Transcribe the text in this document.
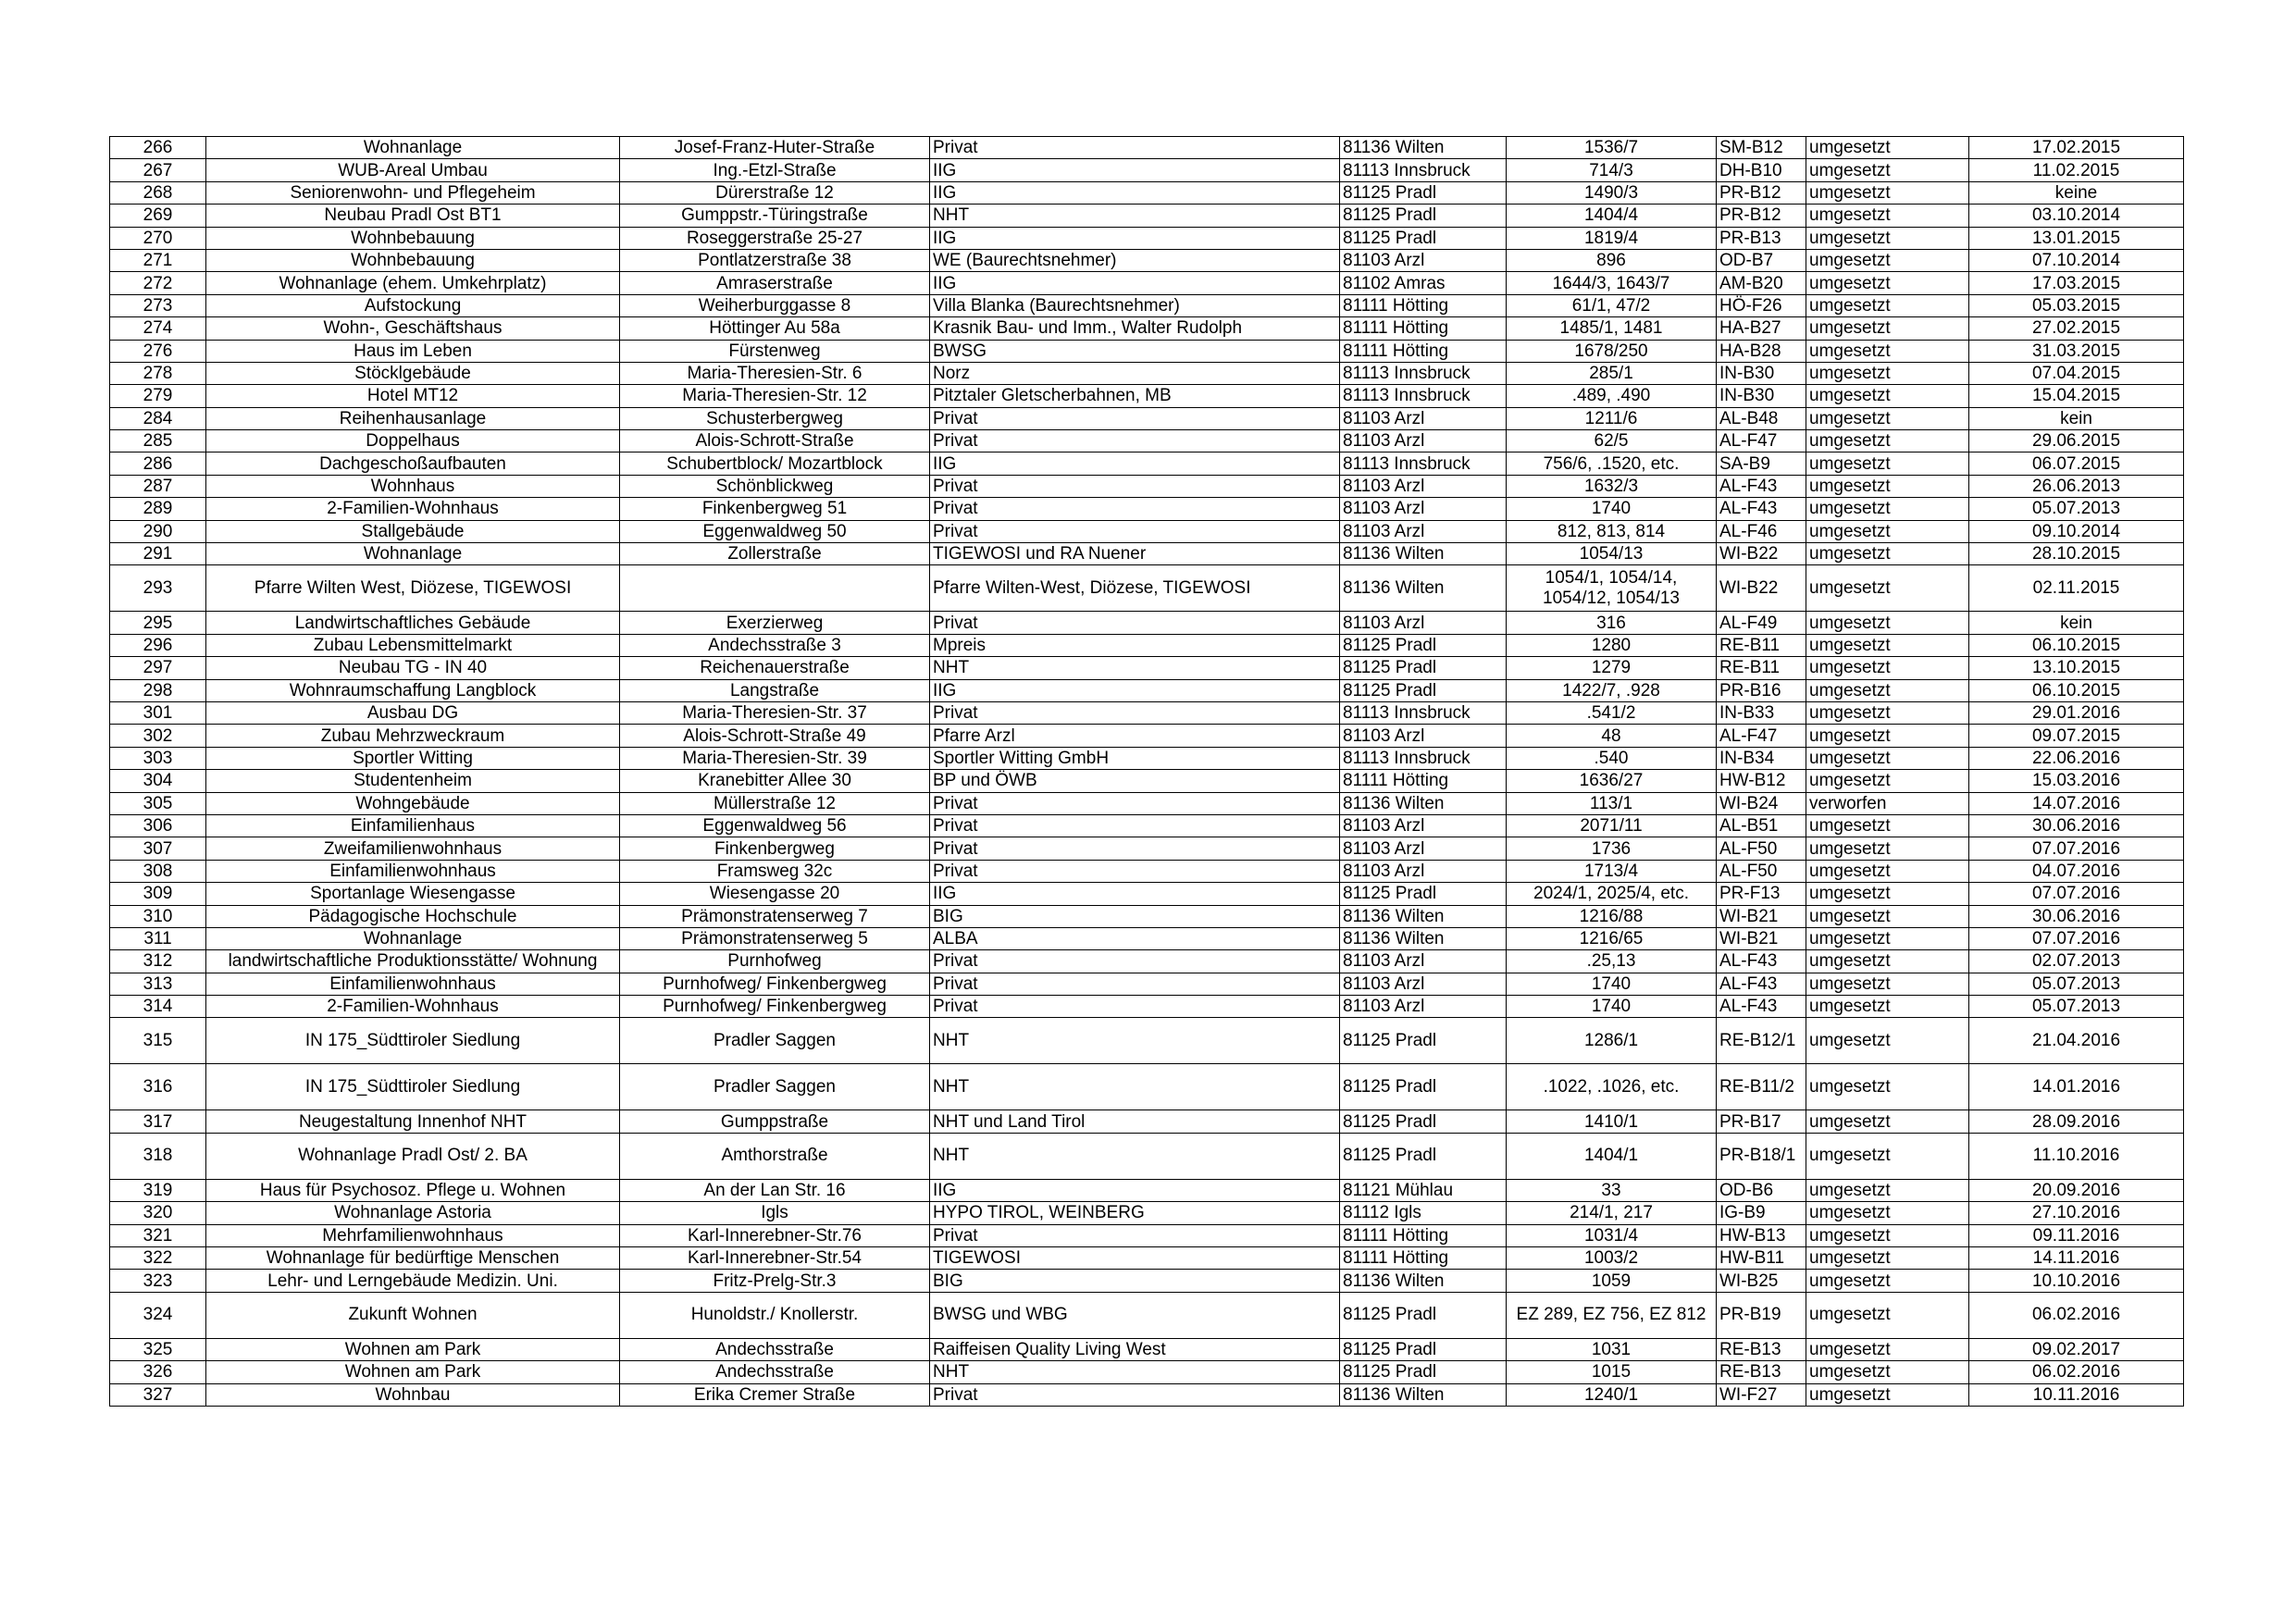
266	Wohnanlage	Josef-Franz-Huter-Straße	Privat	81136 Wilten	1536/7	SM-B12	umgesetzt	17.02.2015
267	WUB-Areal Umbau	Ing.-Etzl-Straße	IIG	81113 Innsbruck	714/3	DH-B10	umgesetzt	11.02.2015
268	Seniorenwohn- und Pflegeheim	Dürerstraße 12	IIG	81125 Pradl	1490/3	PR-B12	umgesetzt	keine
269	Neubau Pradl Ost BT1	Gumppstr.-Türingstraße	NHT	81125 Pradl	1404/4	PR-B12	umgesetzt	03.10.2014
270	Wohnbebauung	Roseggerstraße 25-27	IIG	81125 Pradl	1819/4	PR-B13	umgesetzt	13.01.2015
271	Wohnbebauung	Pontlatzerstraße 38	WE (Baurechtsnehmer)	81103 Arzl	896	OD-B7	umgesetzt	07.10.2014
272	Wohnanlage (ehem. Umkehrplatz)	Amraserstraße	IIG	81102 Amras	1644/3, 1643/7	AM-B20	umgesetzt	17.03.2015
273	Aufstockung	Weiherburggasse 8	Villa Blanka (Baurechtsnehmer)	81111 Hötting	61/1, 47/2	HÖ-F26	umgesetzt	05.03.2015
274	Wohn-, Geschäftshaus	Höttinger Au 58a	Krasnik Bau- und Imm., Walter Rudolph	81111 Hötting	1485/1, 1481	HA-B27	umgesetzt	27.02.2015
276	Haus im Leben	Fürstenweg	BWSG	81111 Hötting	1678/250	HA-B28	umgesetzt	31.03.2015
278	Stöcklgebäude	Maria-Theresien-Str. 6	Norz	81113 Innsbruck	285/1	IN-B30	umgesetzt	07.04.2015
279	Hotel MT12	Maria-Theresien-Str. 12	Pitztaler Gletscherbahnen, MB	81113 Innsbruck	.489, .490	IN-B30	umgesetzt	15.04.2015
284	Reihenhausanlage	Schusterbergweg	Privat	81103 Arzl	1211/6	AL-B48	umgesetzt	kein
285	Doppelhaus	Alois-Schrott-Straße	Privat	81103 Arzl	62/5	AL-F47	umgesetzt	29.06.2015
286	Dachgeschoßaufbauten	Schubertblock/ Mozartblock	IIG	81113 Innsbruck	756/6, .1520, etc.	SA-B9	umgesetzt	06.07.2015
287	Wohnhaus	Schönblickweg	Privat	81103 Arzl	1632/3	AL-F43	umgesetzt	26.06.2013
289	2-Familien-Wohnhaus	Finkenbergweg 51	Privat	81103 Arzl	1740	AL-F43	umgesetzt	05.07.2013
290	Stallgebäude	Eggenwaldweg 50	Privat	81103 Arzl	812, 813, 814	AL-F46	umgesetzt	09.10.2014
291	Wohnanlage	Zollerstraße	TIGEWOSI und RA Nuener	81136 Wilten	1054/13	WI-B22	umgesetzt	28.10.2015
293	Pfarre Wilten West, Diözese, TIGEWOSI		Pfarre Wilten-West, Diözese, TIGEWOSI	81136 Wilten	1054/1, 1054/14, 1054/12, 1054/13	WI-B22	umgesetzt	02.11.2015
295	Landwirtschaftliches Gebäude	Exerzierweg	Privat	81103 Arzl	316	AL-F49	umgesetzt	kein
296	Zubau Lebensmittelmarkt	Andechsstraße 3	Mpreis	81125 Pradl	1280	RE-B11	umgesetzt	06.10.2015
297	Neubau TG - IN 40	Reichenauerstraße	NHT	81125 Pradl	1279	RE-B11	umgesetzt	13.10.2015
298	Wohnraumschaffung Langblock	Langstraße	IIG	81125 Pradl	1422/7, .928	PR-B16	umgesetzt	06.10.2015
301	Ausbau DG	Maria-Theresien-Str. 37	Privat	81113 Innsbruck	.541/2	IN-B33	umgesetzt	29.01.2016
302	Zubau Mehrzweckraum	Alois-Schrott-Straße 49	Pfarre Arzl	81103 Arzl	48	AL-F47	umgesetzt	09.07.2015
303	Sportler Witting	Maria-Theresien-Str. 39	Sportler Witting GmbH	81113 Innsbruck	.540	IN-B34	umgesetzt	22.06.2016
304	Studentenheim	Kranebitter Allee 30	BP und ÖWB	81111 Hötting	1636/27	HW-B12	umgesetzt	15.03.2016
305	Wohngebäude	Müllerstraße 12	Privat	81136 Wilten	113/1	WI-B24	verworfen	14.07.2016
306	Einfamilienhaus	Eggenwaldweg 56	Privat	81103 Arzl	2071/11	AL-B51	umgesetzt	30.06.2016
307	Zweifamilienwohnhaus	Finkenbergweg	Privat	81103 Arzl	1736	AL-F50	umgesetzt	07.07.2016
308	Einfamilienwohnhaus	Framsweg 32c	Privat	81103 Arzl	1713/4	AL-F50	umgesetzt	04.07.2016
309	Sportanlage Wiesengasse	Wiesengasse 20	IIG	81125 Pradl	2024/1, 2025/4, etc.	PR-F13	umgesetzt	07.07.2016
310	Pädagogische Hochschule	Prämonstratenserweg 7	BIG	81136 Wilten	1216/88	WI-B21	umgesetzt	30.06.2016
311	Wohnanlage	Prämonstratenserweg 5	ALBA	81136 Wilten	1216/65	WI-B21	umgesetzt	07.07.2016
312	landwirtschaftliche Produktionsstätte/ Wohnung	Purnhofweg	Privat	81103 Arzl	.25,13	AL-F43	umgesetzt	02.07.2013
313	Einfamilienwohnhaus	Purnhofweg/ Finkenbergweg	Privat	81103 Arzl	1740	AL-F43	umgesetzt	05.07.2013
314	2-Familien-Wohnhaus	Purnhofweg/ Finkenbergweg	Privat	81103 Arzl	1740	AL-F43	umgesetzt	05.07.2013
315	IN 175_Südttiroler Siedlung	Pradler Saggen	NHT	81125 Pradl	1286/1	RE-B12/1	umgesetzt	21.04.2016
316	IN 175_Südttiroler Siedlung	Pradler Saggen	NHT	81125 Pradl	.1022, .1026, etc.	RE-B11/2	umgesetzt	14.01.2016
317	Neugestaltung Innenhof NHT	Gumppstraße	NHT und Land Tirol	81125 Pradl	1410/1	PR-B17	umgesetzt	28.09.2016
318	Wohnanlage Pradl Ost/ 2. BA	Amthorstraße	NHT	81125 Pradl	1404/1	PR-B18/1	umgesetzt	11.10.2016
319	Haus für Psychosoz. Pflege u. Wohnen	An der Lan Str. 16	IIG	81121 Mühlau	33	OD-B6	umgesetzt	20.09.2016
320	Wohnanlage Astoria	Igls	HYPO TIROL, WEINBERG	81112 Igls	214/1, 217	IG-B9	umgesetzt	27.10.2016
321	Mehrfamilienwohnhaus	Karl-Innerebner-Str.76	Privat	81111 Hötting	1031/4	HW-B13	umgesetzt	09.11.2016
322	Wohnanlage für bedürftige Menschen	Karl-Innerebner-Str.54	TIGEWOSI	81111 Hötting	1003/2	HW-B11	umgesetzt	14.11.2016
323	Lehr- und Lerngebäude Medizin. Uni.	Fritz-Prelg-Str.3	BIG	81136 Wilten	1059	WI-B25	umgesetzt	10.10.2016
324	Zukunft Wohnen	Hunoldstr./ Knollerstr.	BWSG und WBG	81125 Pradl	EZ 289, EZ 756, EZ 812	PR-B19	umgesetzt	06.02.2016
325	Wohnen am Park	Andechsstraße	Raiffeisen Quality Living West	81125 Pradl	1031	RE-B13	umgesetzt	09.02.2017
326	Wohnen am Park	Andechsstraße	NHT	81125 Pradl	1015	RE-B13	umgesetzt	06.02.2016
327	Wohnbau	Erika Cremer Straße	Privat	81136 Wilten	1240/1	WI-F27	umgesetzt	10.11.2016
